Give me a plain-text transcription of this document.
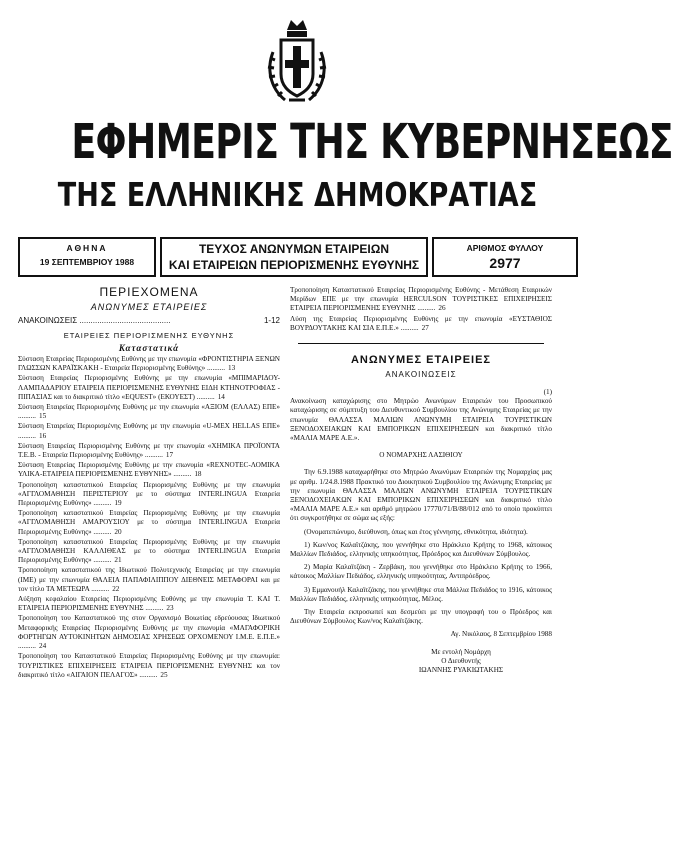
ΕΦΗΜΕΡΙΣ ΤΗΣ ΚΥΒΕΡΝΗΣΕΩΣ
ΤΗΣ ΕΛΛΗΝΙΚΗΣ ΔΗΜΟΚΡΑΤΙΑΣ
ΑΘΗΝΑ
19 ΣΕΠΤΕΜΒΡΙΟΥ 1988
ΤΕΥΧΟΣ ΑΝΩΝΥΜΩΝ ΕΤΑΙΡΕΙΩΝ
ΚΑΙ ΕΤΑΙΡΕΙΩΝ ΠΕΡΙΟΡΙΣΜΕΝΗΣ ΕΥΘΥΝΗΣ
ΑΡΙΘΜΟΣ ΦΥΛΛΟΥ
2977
ΠΕΡΙΕΧΟΜΕΝΑ
ΑΝΩΝΥΜΕΣ ΕΤΑΙΡΕΙΕΣ
1-12
ΑΝΑΚΟΙΝΩΣΕΙΣ .........................................
ΕΤΑΙΡΕΙΕΣ ΠΕΡΙΟΡΙΣΜΕΝΗΣ ΕΥΘΥΝΗΣ
Καταστατικά
Σύσταση Εταιρείας Περιορισμένης Ευθύνης με την επωνυμία «ΦΡΟΝΤΙΣΤΗΡΙΑ ΞΕΝΩΝ ΓΛΩΣΣΩΝ ΚΑΡΑΪΣΚΑΚΗ - Εταιρεία Περιορισμένης Ευθύνης» .......... 13
Σύσταση Εταιρείας Περιορισμένης Ευθύνης με την επωνυμία «ΜΠΙΜΑΡΙΔΟΥ-ΛΑΜΠΑΔΑΡΙΟΥ ΕΤΑΙΡΕΙΑ ΠΕΡΙΟΡΙΣΜΕΝΗΣ ΕΥΘΥΝΗΣ ΕΙΔΗ ΚΤΗΝΟΤΡΟΦΙΑΣ - ΠΙΠΑΣΙΑΣ και το διακριτικό τίτλο «EQUEST» (ΕΚΟΥΕΣΤ) .......... 14
Σύσταση Εταιρείας Περιορισμένης Ευθύνης με την επωνυμία «ΑΞΙΟΜ (ΕΛΛΑΣ) ΕΠΕ» .......... 15
Σύσταση Εταιρείας Περιορισμένης Ευθύνης με την επωνυμία «U-MEX HELLAS ΕΠΕ» .......... 16
Σύσταση Εταιρείας Περιορισμένης Ευθύνης με την επωνυμία «ΧΗΜΙΚΑ ΠΡΟΪΟΝΤΑ Τ.Ε.Β. - Εταιρεία Περιορισμένης Ευθύνης» .......... 17
Σύσταση Εταιρείας Περιορισμένης Ευθύνης με την επωνυμία «REXNOTEC-ΛΟΜΙΚΑ ΥΛΙΚΑ-ΕΤΑΙΡΕΙΑ ΠΕΡΙΟΡΙΣΜΕΝΗΣ ΕΥΘΥΝΗΣ» .......... 18
Τροποποίηση καταστατικού Εταιρείας Περιορισμένης Ευθύνης με την επωνυμία «ΑΓΓΛΟΜΑΘΗΣΗ ΠΕΡΙΣΤΕΡΙΟΥ με το σύστημα INTERLINGUA Εταιρεία Περιορισμένης Ευθύνης» .......... 19
Τροποποίηση καταστατικού Εταιρείας Περιορισμένης Ευθύνης με την επωνυμία «ΑΓΓΛΟΜΑΘΗΣΗ ΑΜΑΡΟΥΣΙΟΥ με το σύστημα INTERLINGUA Εταιρεία Περιορισμένης Ευθύνης» .......... 20
Τροποποίηση καταστατικού Εταιρείας Περιορισμένης Ευθύνης με την επωνυμία «ΑΓΓΛΟΜΑΘΗΣΗ ΚΑΛΛΙΘΕΑΣ με το σύστημα INTERLINGUA Εταιρεία Περιορισμένης Ευθύνης» .......... 21
Τροποποίηση καταστατικού της Ιδιωτικού Πολυτεχνικής Εταιρείας με την επωνυμία (ΙΜΕ) με την επωνυμία ΘΑΛΕΙΑ ΠΑΠΑΦΙΛΙΠΠΟΥ ΔΙΕΘΝΕΙΣ ΜΕΤΑΦΟΡΑΙ και με τον τίτλο ΤΑ ΜΕΤΕΩΡΑ .......... 22
Αύξηση κεφαλαίου Εταιρείας Περιορισμένης Ευθύνης με την επωνυμία Τ. ΚΑΙ Τ. ΕΤΑΙΡΕΙΑ ΠΕΡΙΟΡΙΣΜΕΝΗΣ ΕΥΘΥΝΗΣ .......... 23
Τροποποίηση του Καταστατικού της στον Οργανισμό Βοιωτίας εδρεύουσας Ιδιωτικού Μεταφορικής Εταιρείας Περιορισμένης Ευθύνης με την επωνυμία «ΜΑΓΑΦΟΡΙΚΗ ΦΟΡΤΗΓΩΝ ΑΥΤΟΚΙΝΗΤΩΝ ΔΗΜΟΣΙΑΣ ΧΡΗΣΕΩΣ ΟΡΧΟΜΕΝΟΥ Ι.Μ.Ε. Ε.Π.Ε.» .......... 24
Τροποποίηση του Καταστατικού Εταιρείας Περιορισμένης Ευθύνης με την επωνυμία: ΤΟΥΡΙΣΤΙΚΕΣ ΕΠΙΧΕΙΡΗΣΕΙΣ ΕΤΑΙΡΕΙΑ ΠΕΡΙΟΡΙΣΜΕΝΗΣ ΕΥΘΥΝΗΣ και τον διακριτικό τίτλο «ΑΙΓΑΙΟΝ ΠΕΛΑΓΟΣ» .......... 25
Τροποποίηση Καταστατικού Εταιρείας Περιορισμένης Ευθύνης - Μετάθεση Εταιρικών Μερίδων ΕΠΕ με την επωνυμία HERCULSON ΤΟΥΡΙΣΤΙΚΕΣ ΕΠΙΧΕΙΡΗΣΕΙΣ ΕΤΑΙΡΕΙΑ ΠΕΡΙΟΡΙΣΜΕΝΗΣ ΕΥΘΥΝΗΣ .......... 26
Λύση της Εταιρείας Περιορισμένης Ευθύνης με την επωνυμία «ΕΥΣΤΑΘΙΟΣ ΒΟΥΡΔΟΥΤΑΚΗΣ ΚΑΙ ΣΙΑ Ε.Π.Ε.» .......... 27
ΑΝΩΝΥΜΕΣ ΕΤΑΙΡΕΙΕΣ
ΑΝΑΚΟΙΝΩΣΕΙΣ
(1)
Ανακοίνωση καταχώρισης στο Μητρώο Ανωνύμων Εταιρειών του Προσωπικού καταχώρισης σε σύμπτυξη του Διευθυντικού Συμβουλίου της Ανώνυμης Εταιρείας με την επωνυμία ΘΑΛΑΣΣΑ ΜΑΛΙΩΝ ΑΝΩΝΥΜΗ ΕΤΑΙΡΕΙΑ ΤΟΥΡΙΣΤΙΚΩΝ ΞΕΝΟΔΟΧΕΙΑΚΩΝ ΚΑΙ ΕΜΠΟΡΙΚΩΝ ΕΠΙΧΕΙΡΗΣΕΩΝ και διακριτικό τίτλο «ΜΑΛΙΑ ΜΑΡΕ Α.Ε.».
Ο ΝΟΜΑΡΧΗΣ ΛΑΣΙΘΙΟΥ
Την 6.9.1988 καταχωρήθηκε στο Μητρώο Ανωνύμων Εταιρειών της Νομαρχίας μας με αριθμ. 1/24.8.1988 Πρακτικό του Διοικητικού Συμβουλίου της Ανώνυμης Εταιρείας με την επωνυμία ΘΑΛΑΣΣΑ ΜΑΛΙΩΝ ΑΝΩΝΥΜΗ ΕΤΑΙΡΕΙΑ ΤΟΥΡΙΣΤΙΚΩΝ ΞΕΝΟΔΟΧΕΙΑΚΩΝ ΚΑΙ ΕΜΠΟΡΙΚΩΝ ΕΠΙΧΕΙΡΗΣΕΩΝ και διακριτικό τίτλο «ΜΑΛΙΑ ΜΑΡΕ Α.Ε.» και αριθμό μητρώου 17770/71/Β/88/012 από το οποίο προκύπτει ότι συγκροτήθηκε σε σώμα ως εξής:
(Ονοματεπώνυμο, διεύθυνση, όπως και έτος γέννησης, εθνικότητα, ιδιότητα).
1) Κων/νος Καλαϊτζάκης, που γεννήθηκε στο Ηράκλειο Κρήτης το 1968, κάτοικος Μαλλίων Πεδιάδος, ελληνικής υπηκοότητας, Πρόεδρος και Διευθύνων Σύμβουλος.
2) Μαρία Καλαϊτζάκη - Ζερβάκη, που γεννήθηκε στο Ηράκλειο Κρήτης το 1966, κάτοικος Μαλλίων Πεδιάδος, ελληνικής υπηκοότητας, Αντιπρόεδρος.
3) Εμμανουήλ Καλαϊτζάκης, που γεννήθηκε στα Μάλλια Πεδιάδος το 1916, κάτοικος Μαλλίων Πεδιάδος, ελληνικής υπηκοότητας, Μέλος.
Την Εταιρεία εκπροσωπεί και δεσμεύει με την υπογραφή του ο Πρόεδρος και Διευθύνων Σύμβουλος Κων/νος Καλαϊτζάκης.
Αγ. Νικόλαος, 8 Σεπτεμβρίου 1988
Με εντολή Νομάρχη
Ο Διευθυντής
ΙΩΑΝΝΗΣ ΡΥΑΚΙΩΤΑΚΗΣ
